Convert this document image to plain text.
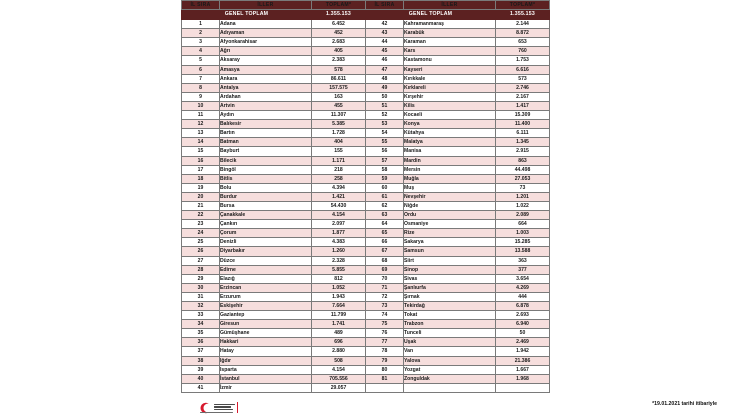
İL SIRA	İLLER	TOPLAM*	İL SIRA	İLLER	TOPLAM*
GENEL TOPLAM		1.355.153	GENEL TOPLAM		1.355.153
1	Adana	6.452	42	Kahramanmaraş	2.144
2	Adıyaman	452	43	Karabük	8.872
3	Afyonkarahisar	2.683	44	Karaman	653
4	Ağrı	405	45	Kars	760
5	Aksaray	2.383	46	Kastamonu	1.753
6	Amasya	578	47	Kayseri	6.616
7	Ankara	86.611	48	Kırıkkale	573
8	Antalya	157.575	49	Kırklareli	2.746
9	Ardahan	163	50	Kırşehir	2.167
10	Artvin	455	51	Kilis	1.417
11	Aydın	11.307	52	Kocaeli	15.309
12	Balıkesir	5.385	53	Konya	11.400
13	Bartın	1.728	54	Kütahya	6.111
14	Batman	404	55	Malatya	1.345
15	Bayburt	155	56	Manisa	2.915
16	Bilecik	1.171	57	Mardin	863
17	Bingöl	218	58	Mersin	44.498
18	Bitlis	258	59	Muğla	27.053
19	Bolu	4.394	60	Muş	73
20	Burdur	1.421	61	Nevşehir	1.201
21	Bursa	54.430	62	Niğde	1.022
22	Çanakkale	4.154	63	Ordu	2.089
23	Çankırı	2.097	64	Osmaniye	664
24	Çorum	1.877	65	Rize	1.003
25	Denizli	4.383	66	Sakarya	15.285
26	Diyarbakır	1.260	67	Samsun	13.588
27	Düzce	2.328	68	Siirt	363
28	Edirne	5.855	69	Sinop	377
29	Elazığ	812	70	Sivas	3.654
30	Erzincan	1.052	71	Şanlıurfa	4.269
31	Erzurum	1.943	72	Şırnak	444
32	Eskişehir	7.664	73	Tekirdağ	6.878
33	Gaziantep	11.799	74	Tokat	2.693
34	Giresun	1.741	75	Trabzon	6.940
35	Gümüşhane	489	76	Tunceli	50
36	Hakkari	696	77	Uşak	2.469
37	Hatay	2.880	78	Van	1.942
38	Iğdır	508	79	Yalova	21.386
39	Isparta	4.154	80	Yozgat	1.667
40	İstanbul	705.556	81	Zonguldak	1.968
41	İzmir	29.057			
*19.01.2021 tarihi itibariyle
